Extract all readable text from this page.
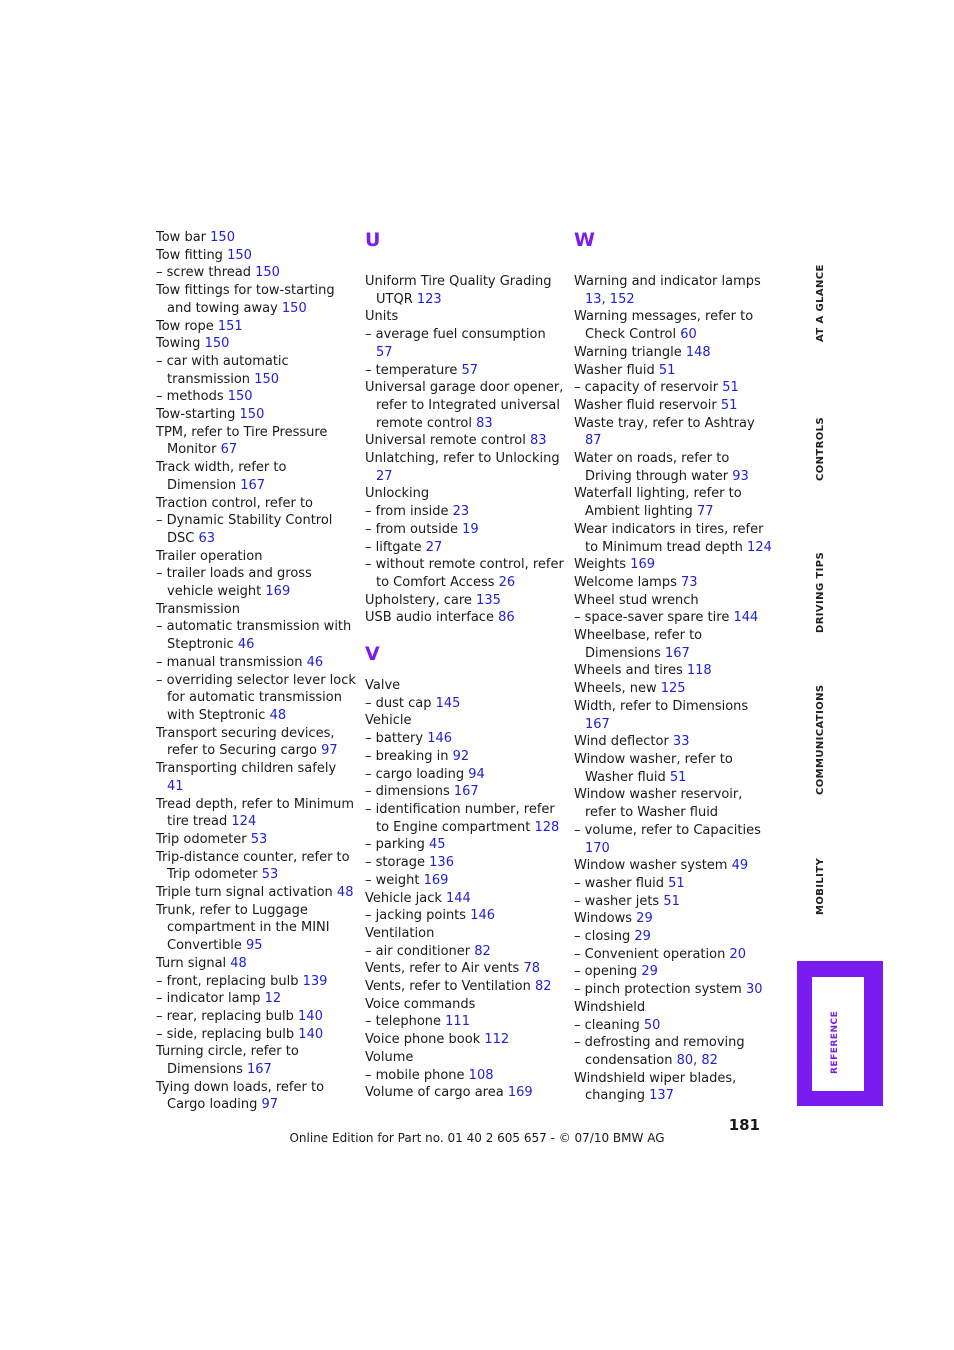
Tow bar 150
Tow fitting 150
– screw thread 150
Tow fittings for tow-starting and towing away 150
Tow rope 151
Towing 150
– car with automatic transmission 150
– methods 150
Tow-starting 150
TPM, refer to Tire Pressure Monitor 67
Track width, refer to Dimension 167
Traction control, refer to
– Dynamic Stability Control DSC 63
Trailer operation
– trailer loads and gross vehicle weight 169
Transmission
– automatic transmission with Steptronic 46
– manual transmission 46
– overriding selector lever lock for automatic transmission with Steptronic 48
Transport securing devices, refer to Securing cargo 97
Transporting children safely 41
Tread depth, refer to Minimum tire tread 124
Trip odometer 53
Trip-distance counter, refer to Trip odometer 53
Triple turn signal activation 48
Trunk, refer to Luggage compartment in the MINI Convertible 95
Turn signal 48
– front, replacing bulb 139
– indicator lamp 12
– rear, replacing bulb 140
– side, replacing bulb 140
Turning circle, refer to Dimensions 167
Tying down loads, refer to Cargo loading 97
U
Uniform Tire Quality Grading UTQR 123
Units
– average fuel consumption 57
– temperature 57
Universal garage door opener, refer to Integrated universal remote control 83
Universal remote control 83
Unlatching, refer to Unlocking 27
Unlocking
– from inside 23
– from outside 19
– liftgate 27
– without remote control, refer to Comfort Access 26
Upholstery, care 135
USB audio interface 86
V
Valve
– dust cap 145
Vehicle
– battery 146
– breaking in 92
– cargo loading 94
– dimensions 167
– identification number, refer to Engine compartment 128
– parking 45
– storage 136
– weight 169
Vehicle jack 144
– jacking points 146
Ventilation
– air conditioner 82
Vents, refer to Air vents 78
Vents, refer to Ventilation 82
Voice commands
– telephone 111
Voice phone book 112
Volume
– mobile phone 108
Volume of cargo area 169
W
Warning and indicator lamps 13, 152
Warning messages, refer to Check Control 60
Warning triangle 148
Washer fluid 51
– capacity of reservoir 51
Washer fluid reservoir 51
Waste tray, refer to Ashtray 87
Water on roads, refer to Driving through water 93
Waterfall lighting, refer to Ambient lighting 77
Wear indicators in tires, refer to Minimum tread depth 124
Weights 169
Welcome lamps 73
Wheel stud wrench
– space-saver spare tire 144
Wheelbase, refer to Dimensions 167
Wheels and tires 118
Wheels, new 125
Width, refer to Dimensions 167
Wind deflector 33
Window washer, refer to Washer fluid 51
Window washer reservoir, refer to Washer fluid
– volume, refer to Capacities 170
Window washer system 49
– washer fluid 51
– washer jets 51
Windows 29
– closing 29
– Convenient operation 20
– opening 29
– pinch protection system 30
Windshield
– cleaning 50
– defrosting and removing condensation 80, 82
Windshield wiper blades, changing 137
AT A GLANCE
CONTROLS
DRIVING TIPS
COMMUNICATIONS
MOBILITY
REFERENCE
181
Online Edition for Part no. 01 40 2 605 657 - © 07/10 BMW AG
